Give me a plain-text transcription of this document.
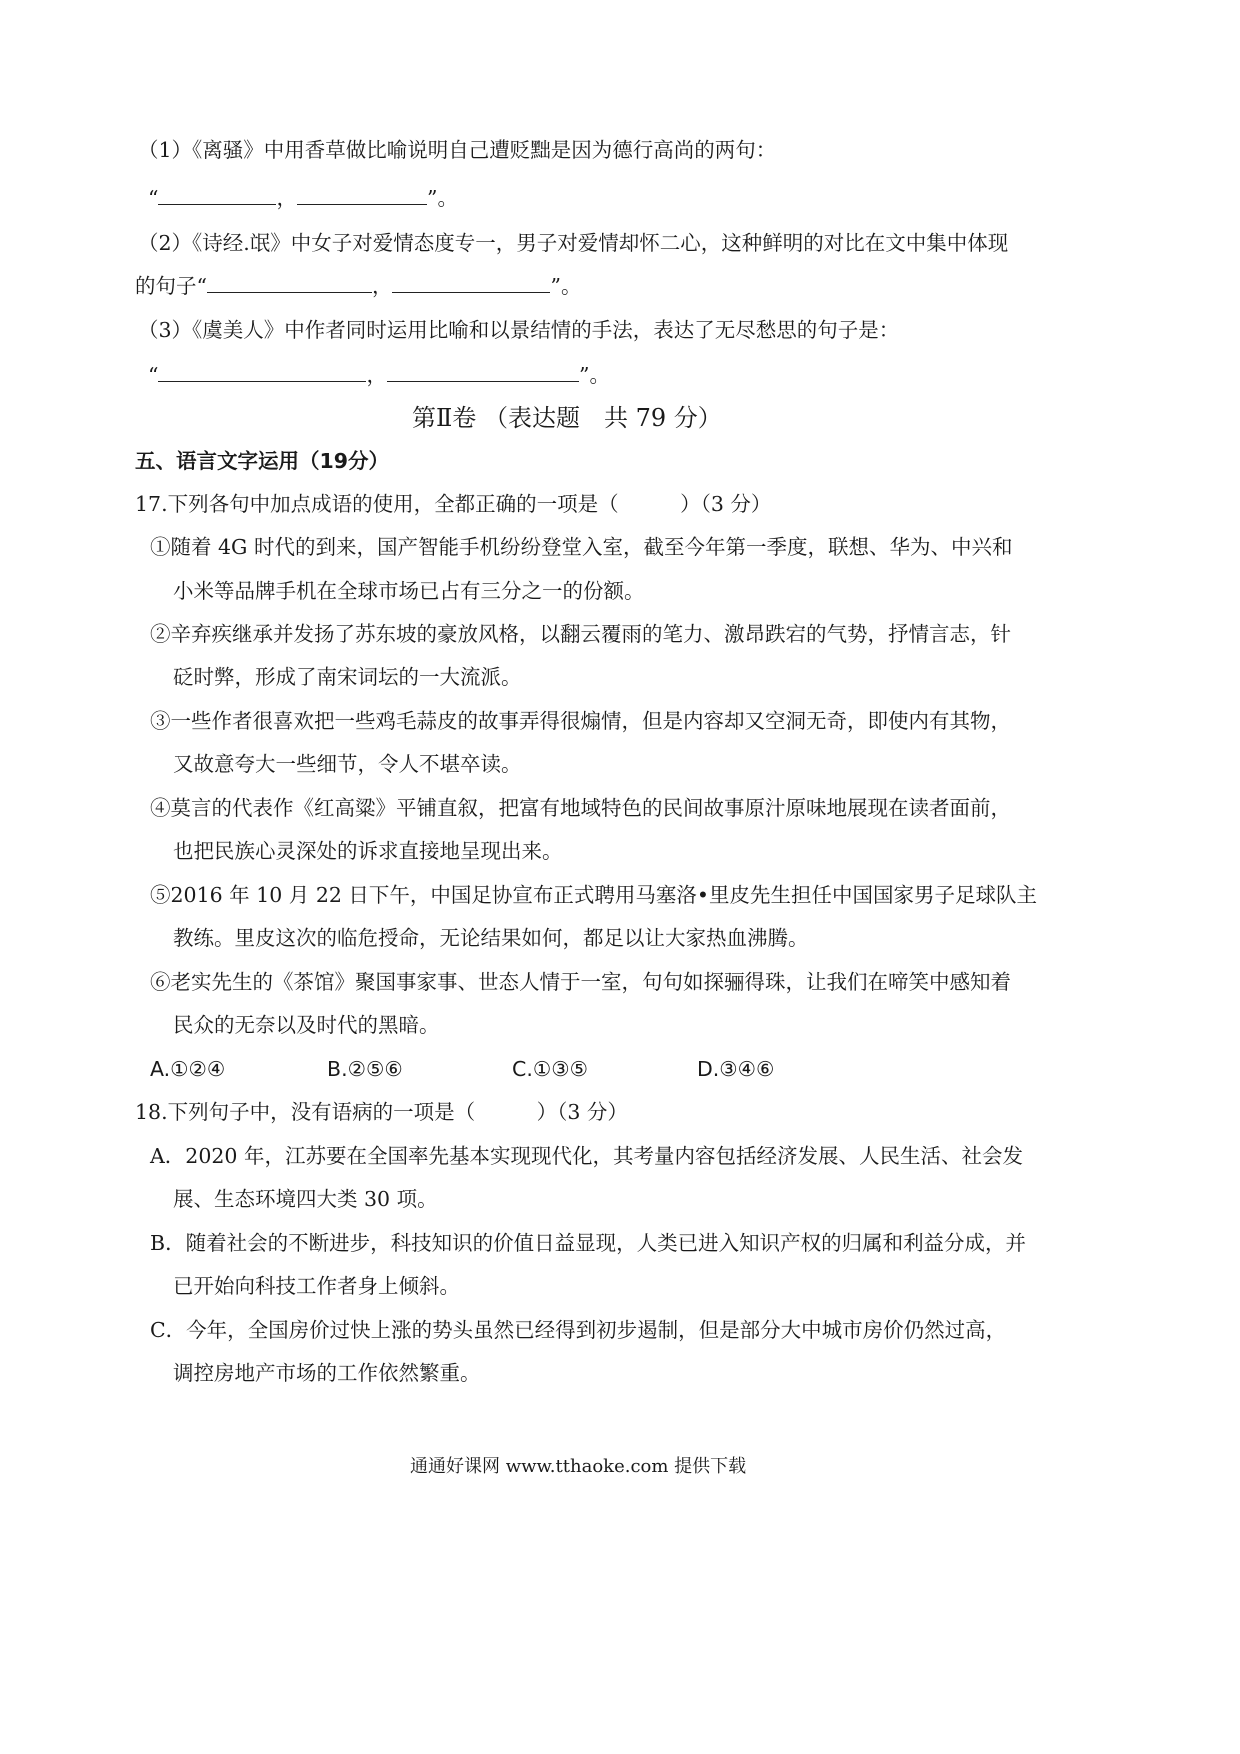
（1）《离骚》中用香草做比喻说明自己遭贬黜是因为德行高尚的两句：
“	，	”。
（2）《诗经.氓》中女子对爱情态度专一，男子对爱情却怀二心，这种鲜明的对比在文中集中体现
的句子“	，	”。
（3）《虞美人》中作者同时运用比喻和以景结情的手法，表达了无尽愁思的句子是：
“	，	”。
第Ⅱ卷 （表达题　共 79 分）
五、语言文字运用（19分）
17.下列各句中加点成语的使用，全都正确的一项是（　　　）（3 分）
①随着 4G 时代的到来，国产智能手机纷纷登堂入室，截至今年第一季度，联想、华为、中兴和
小米等品牌手机在全球市场已占有三分之一的份额。
②辛弃疾继承并发扬了苏东坡的豪放风格，以翻云覆雨的笔力、激昂跌宕的气势，抒情言志，针
砭时弊，形成了南宋词坛的一大流派。
③一些作者很喜欢把一些鸡毛蒜皮的故事弄得很煽情，但是内容却又空洞无奇，即使内有其物，
又故意夸大一些细节，令人不堪卒读。
④莫言的代表作《红高粱》平铺直叙，把富有地域特色的民间故事原汁原味地展现在读者面前，
也把民族心灵深处的诉求直接地呈现出来。
⑤2016 年 10 月 22 日下午，中国足协宣布正式聘用马塞洛•里皮先生担任中国国家男子足球队主
教练。里皮这次的临危授命，无论结果如何，都足以让大家热血沸腾。
⑥老实先生的《茶馆》聚国事家事、世态人情于一室，句句如探骊得珠，让我们在啼笑中感知着
民众的无奈以及时代的黑暗。
A.①②④	B.②⑤⑥	C.①③⑤	D.③④⑥
18.下列句子中，没有语病的一项是（　　　）（3 分）
A．2020 年，江苏要在全国率先基本实现现代化，其考量内容包括经济发展、人民生活、社会发
展、生态环境四大类 30 项。
B．随着社会的不断进步，科技知识的价值日益显现，人类已进入知识产权的归属和利益分成，并
已开始向科技工作者身上倾斜。
C．今年，全国房价过快上涨的势头虽然已经得到初步遏制，但是部分大中城市房价仍然过高，
调控房地产市场的工作依然繁重。
通通好课网 www.tthaoke.com 提供下载
